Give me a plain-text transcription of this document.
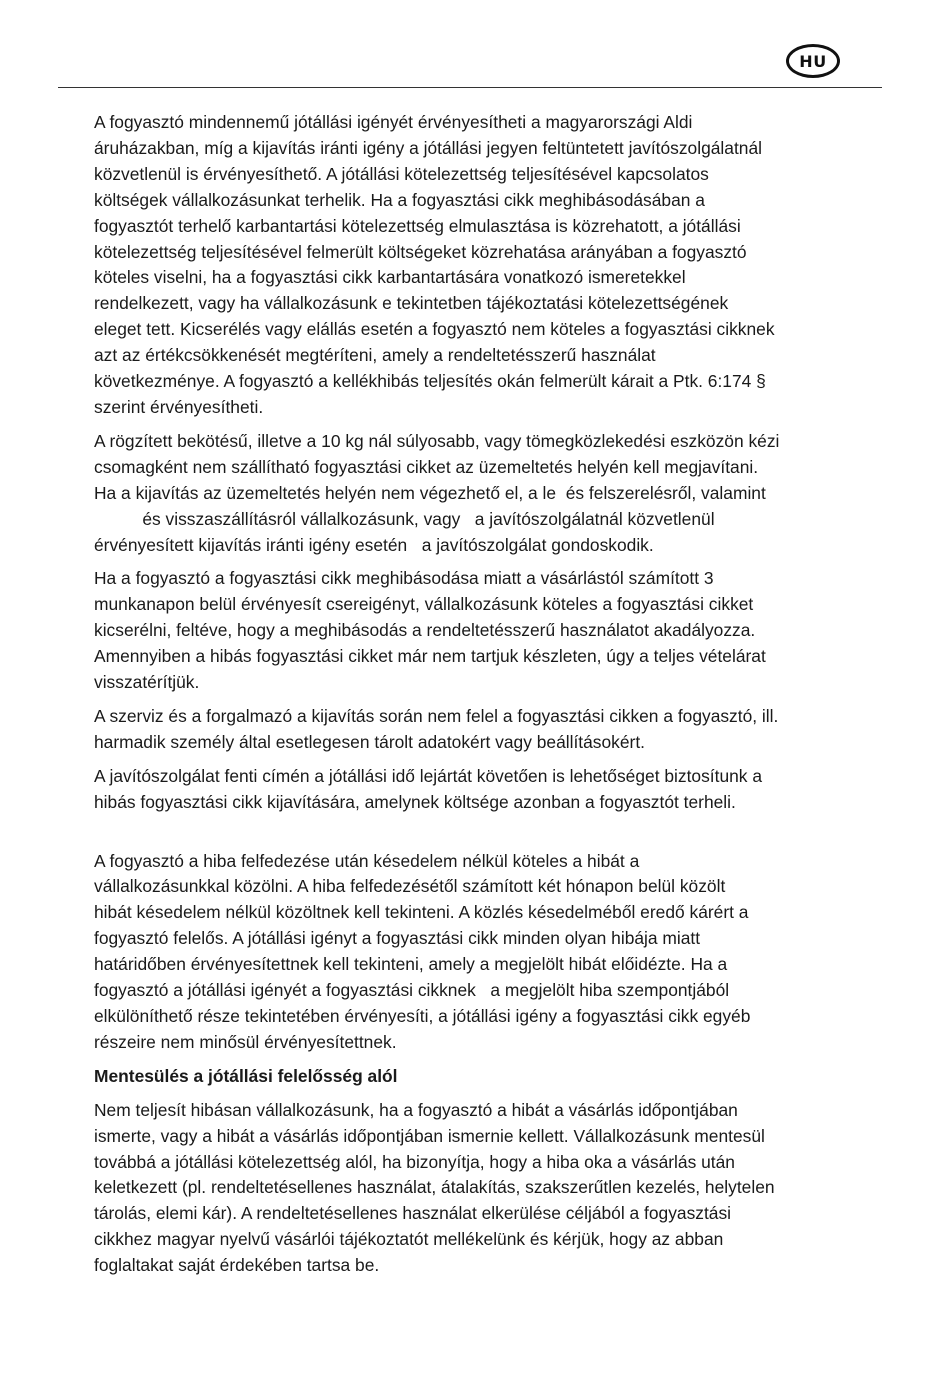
HU
A fogyasztó mindennemű jótállási igényét érvényesítheti a magyarországi Aldi
áruházakban, míg a kijavítás iránti igény a jótállási jegyen feltüntetett javítószolgálatnál
közvetlenül is érvényesíthető. A jótállási kötelezettség teljesítésével kapcsolatos
költségek vállalkozásunkat terhelik. Ha a fogyasztási cikk meghibásodásában a
fogyasztót terhelő karbantartási kötelezettség elmulasztása is közrehatott, a jótállási
kötelezettség teljesítésével felmerült költségeket közrehatása arányában a fogyasztó
köteles viselni, ha a fogyasztási cikk karbantartására vonatkozó ismeretekkel
rendelkezett, vagy ha vállalkozásunk e tekintetben tájékoztatási kötelezettségének
eleget tett. Kicserélés vagy elállás esetén a fogyasztó nem köteles a fogyasztási cikknek
azt az értékcsökkenését megtéríteni, amely a rendeltetésszerű használat
következménye. A fogyasztó a kellékhibás teljesítés okán felmerült kárait a Ptk. 6:174 §
szerint érvényesítheti.
A rögzített bekötésű, illetve a 10 kg nál súlyosabb, vagy tömegközlekedési eszközön kézi
csomagként nem szállítható fogyasztási cikket az üzemeltetés helyén kell megjavítani.
Ha a kijavítás az üzemeltetés helyén nem végezhető el, a le  és felszerelésről, valamint
és visszaszállításról vállalkozásunk, vagy   a javítószolgálatnál közvetlenül
érvényesített kijavítás iránti igény esetén   a javítószolgálat gondoskodik.
Ha a fogyasztó a fogyasztási cikk meghibásodása miatt a vásárlástól számított 3
munkanapon belül érvényesít csereigényt, vállalkozásunk köteles a fogyasztási cikket
kicserélni, feltéve, hogy a meghibásodás a rendeltetésszerű használatot akadályozza.
Amennyiben a hibás fogyasztási cikket már nem tartjuk készleten, úgy a teljes vételárat
visszatérítjük.
A szerviz és a forgalmazó a kijavítás során nem felel a fogyasztási cikken a fogyasztó, ill.
harmadik személy által esetlegesen tárolt adatokért vagy beállításokért.
A javítószolgálat fenti címén a jótállási idő lejártát követően is lehetőséget biztosítunk a
hibás fogyasztási cikk kijavítására, amelynek költsége azonban a fogyasztót terheli.
A fogyasztó a hiba felfedezése után késedelem nélkül köteles a hibát a
vállalkozásunkkal közölni. A hiba felfedezésétől számított két hónapon belül közölt
hibát késedelem nélkül közöltnek kell tekinteni. A közlés késedelméből eredő kárért a
fogyasztó felelős. A jótállási igényt a fogyasztási cikk minden olyan hibája miatt
határidőben érvényesítettnek kell tekinteni, amely a megjelölt hibát előidézte. Ha a
fogyasztó a jótállási igényét a fogyasztási cikknek   a megjelölt hiba szempontjából
elkülöníthető része tekintetében érvényesíti, a jótállási igény a fogyasztási cikk egyéb
részeire nem minősül érvényesítettnek.
Mentesülés a jótállási felelősség alól
Nem teljesít hibásan vállalkozásunk, ha a fogyasztó a hibát a vásárlás időpontjában
ismerte, vagy a hibát a vásárlás időpontjában ismernie kellett. Vállalkozásunk mentesül
továbbá a jótállási kötelezettség alól, ha bizonyítja, hogy a hiba oka a vásárlás után
keletkezett (pl. rendeltetésellenes használat, átalakítás, szakszerűtlen kezelés, helytelen
tárolás, elemi kár). A rendeltetésellenes használat elkerülése céljából a fogyasztási
cikkhez magyar nyelvű vásárlói tájékoztatót mellékelünk és kérjük, hogy az abban
foglaltakat saját érdekében tartsa be.
